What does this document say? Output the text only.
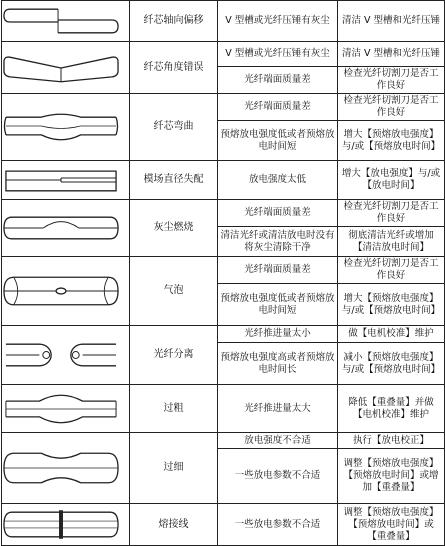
	纤芯轴向偏移	V 型槽或光纤压锤有灰尘	清洁 V 型槽和光纤压锤

	纤芯角度错误	V 型槽或光纤压锤有灰尘	清洁 V 型槽和光纤压锤
		光纤端面质量差	检查光纤切割刀是否工作良好

	纤芯弯曲	光纤端面质量差	检查光纤切割刀是否工作良好
		预熔放电强度低或者预熔放电时间短	增大【预熔放电强度】与/或【预熔放电时间】

	模场直径失配	放电强度太低	增大【放电强度】与/或【放电时间】

	灰尘燃烧	光纤端面质量差	检查光纤切割刀是否工作良好
		清洁光纤或清洁放电时没有将灰尘清除干净	彻底清洁光纤或增加【清洁放电时间】

	气泡	光纤端面质量差	检查光纤切割刀是否工作良好
		预熔放电强度低或者预熔放电时间短	增大【预熔放电强度】与/或【预熔放电时间】

	光纤分离	光纤推进量太小	做【电机校准】维护
		预熔放电强度高或者预熔放电时间长	减小【预熔放电强度】与/或【预熔放电时间】

	过粗	光纤推进量太大	降低【重叠量】并做【电机校准】维护

	过细	放电强度不合适	执行【放电校正】
		一些放电参数不合适	调整【预熔放电强度】【预熔放电时间】或增加【重叠量】

	熔接线	一些放电参数不合适	调整【预熔放电强度】【预熔放电时间】或【重叠量】
